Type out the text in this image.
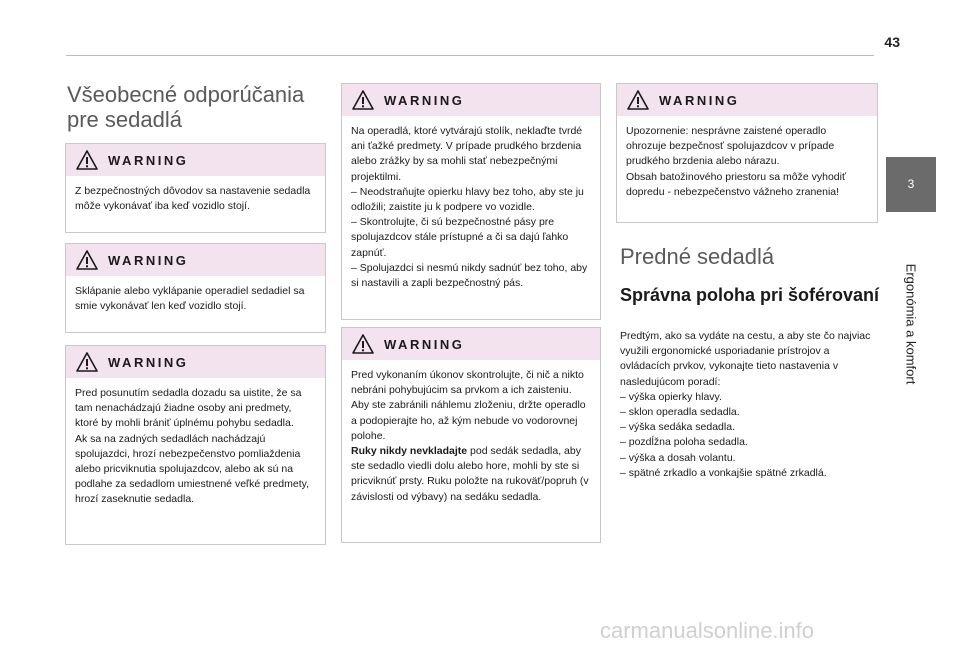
43
3
Ergonómia a komfort
Všeobecné odporúčania pre sedadlá
WARNING

Z bezpečnostných dôvodov sa nastavenie sedadla môže vykonávať iba keď vozidlo stojí.

WARNING

Sklápanie alebo vyklápanie operadiel sedadiel sa smie vykonávať len keď vozidlo stojí.

WARNING

Pred posunutím sedadla dozadu sa uistite, že sa tam nenachádzajú žiadne osoby ani predmety, ktoré by mohli brániť úplnému pohybu sedadla.

Ak sa na zadných sedadlách nachádzajú spolujazdci, hrozí nebezpečenstvo pomliaždenia alebo pricviknutia spolujazdcov, alebo ak sú na podlahe za sedadlom umiestnené veľké predmety, hrozí zaseknutie sedadla.

WARNING

Na operadlá, ktoré vytvárajú stolík, neklaďte tvrdé ani ťažké predmety. V prípade prudkého brzdenia alebo zrážky by sa mohli stať nebezpečnými projektilmi.

– Neodstraňujte opierku hlavy bez toho, aby ste ju odložili; zaistite ju k podpere vo vozidle.

– Skontrolujte, či sú bezpečnostné pásy pre spolujazdcov stále prístupné a či sa dajú ľahko zapnúť.

– Spolujazdci si nesmú nikdy sadnúť bez toho, aby si nastavili a zapli bezpečnostný pás.

WARNING

Pred vykonaním úkonov skontrolujte, či nič a nikto nebráni pohybujúcim sa prvkom a ich zaisteniu.

Aby ste zabránili náhlemu zloženiu, držte operadlo a podopierajte ho, až kým nebude vo vodorovnej polohe.

Ruky nikdy nevkladajte pod sedák sedadla, aby ste sedadlo viedli dolu alebo hore, mohli by ste si pricviknúť prsty. Ruku položte na rukoväť/popruh (v závislosti od výbavy) na sedáku sedadla.

WARNING

Upozornenie: nesprávne zaistené operadlo ohrozuje bezpečnosť spolujazdcov v prípade prudkého brzdenia alebo nárazu.

Obsah batožinového priestoru sa môže vyhodiť dopredu - nebezpečenstvo vážneho zranenia!

Predné sedadlá
Správna poloha pri šoférovaní

Predtým, ako sa vydáte na cestu, a aby ste čo najviac využili ergonomické usporiadanie prístrojov a ovládacích prvkov, vykonajte tieto nastavenia v nasledujúcom poradí:

– výška opierky hlavy.

– sklon operadla sedadla.

– výška sedáka sedadla.

– pozdĺžna poloha sedadla.

– výška a dosah volantu.

– spätné zrkadlo a vonkajšie spätné zrkadlá.

carmanualsonline.info
